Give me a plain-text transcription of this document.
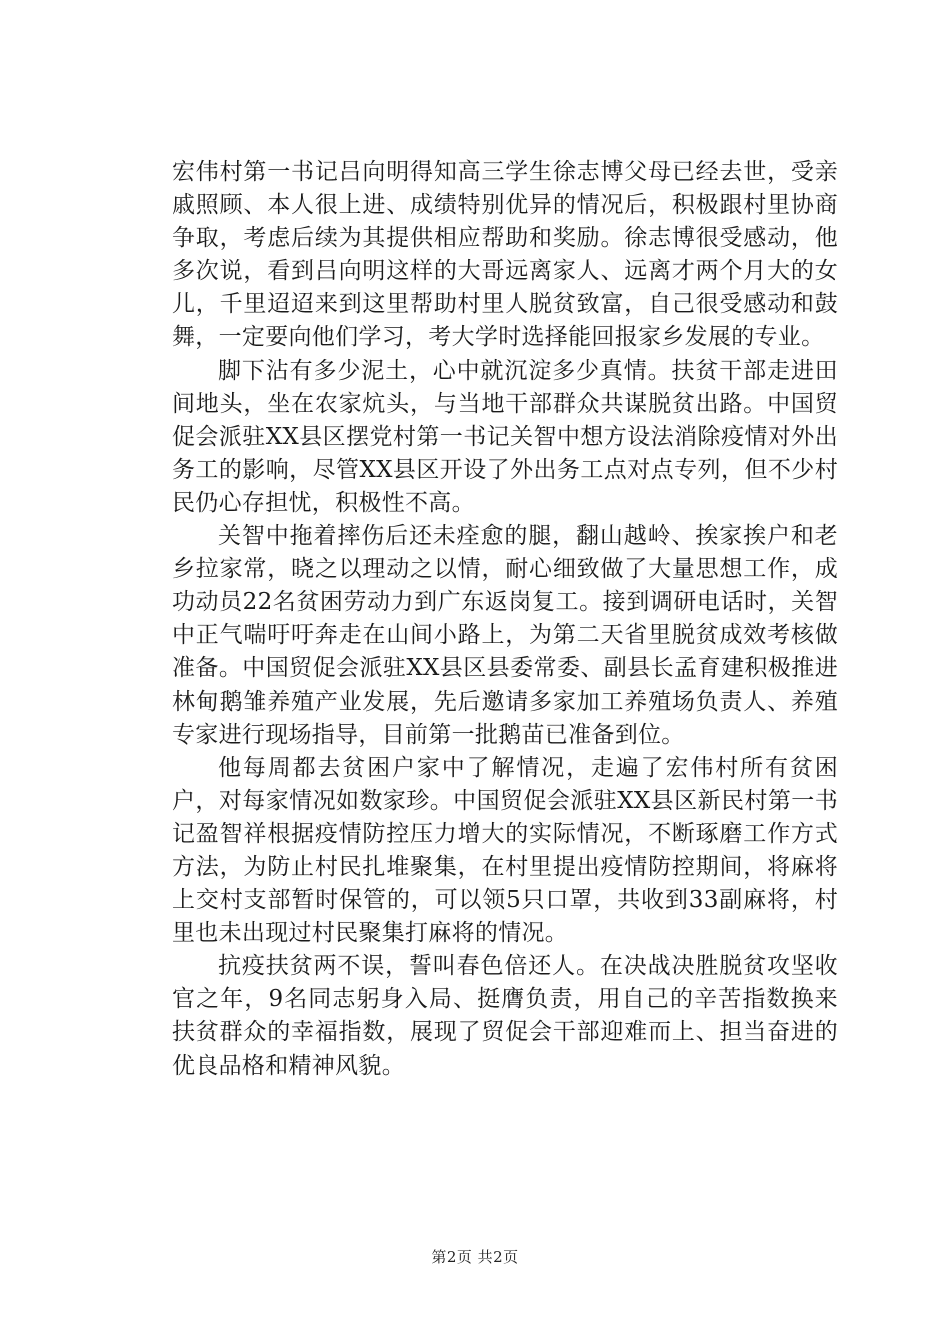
宏伟村第一书记吕向明得知高三学生徐志博父母已经去世，受亲戚照顾、本人很上进、成绩特别优异的情况后，积极跟村里协商争取，考虑后续为其提供相应帮助和奖励。徐志博很受感动，他多次说，看到吕向明这样的大哥远离家人、远离才两个月大的女儿，千里迢迢来到这里帮助村里人脱贫致富，自己很受感动和鼓舞，一定要向他们学习，考大学时选择能回报家乡发展的专业。

脚下沾有多少泥土，心中就沉淀多少真情。扶贫干部走进田间地头，坐在农家炕头，与当地干部群众共谋脱贫出路。中国贸促会派驻XX县区摆党村第一书记关智中想方设法消除疫情对外出务工的影响，尽管XX县区开设了外出务工点对点专列，但不少村民仍心存担忧，积极性不高。

关智中拖着摔伤后还未痊愈的腿，翻山越岭、挨家挨户和老乡拉家常，晓之以理动之以情，耐心细致做了大量思想工作，成功动员22名贫困劳动力到广东返岗复工。接到调研电话时，关智中正气喘吁吁奔走在山间小路上，为第二天省里脱贫成效考核做准备。中国贸促会派驻XX县区县委常委、副县长孟育建积极推进林甸鹅雏养殖产业发展，先后邀请多家加工养殖场负责人、养殖专家进行现场指导，目前第一批鹅苗已准备到位。

他每周都去贫困户家中了解情况，走遍了宏伟村所有贫困户，对每家情况如数家珍。中国贸促会派驻XX县区新民村第一书记盈智祥根据疫情防控压力增大的实际情况，不断琢磨工作方式方法，为防止村民扎堆聚集，在村里提出疫情防控期间，将麻将上交村支部暂时保管的，可以领5只口罩，共收到33副麻将，村里也未出现过村民聚集打麻将的情况。

抗疫扶贫两不误，誓叫春色倍还人。在决战决胜脱贫攻坚收官之年，9名同志躬身入局、挺膺负责，用自己的辛苦指数换来扶贫群众的幸福指数，展现了贸促会干部迎难而上、担当奋进的优良品格和精神风貌。

第2页 共2页
